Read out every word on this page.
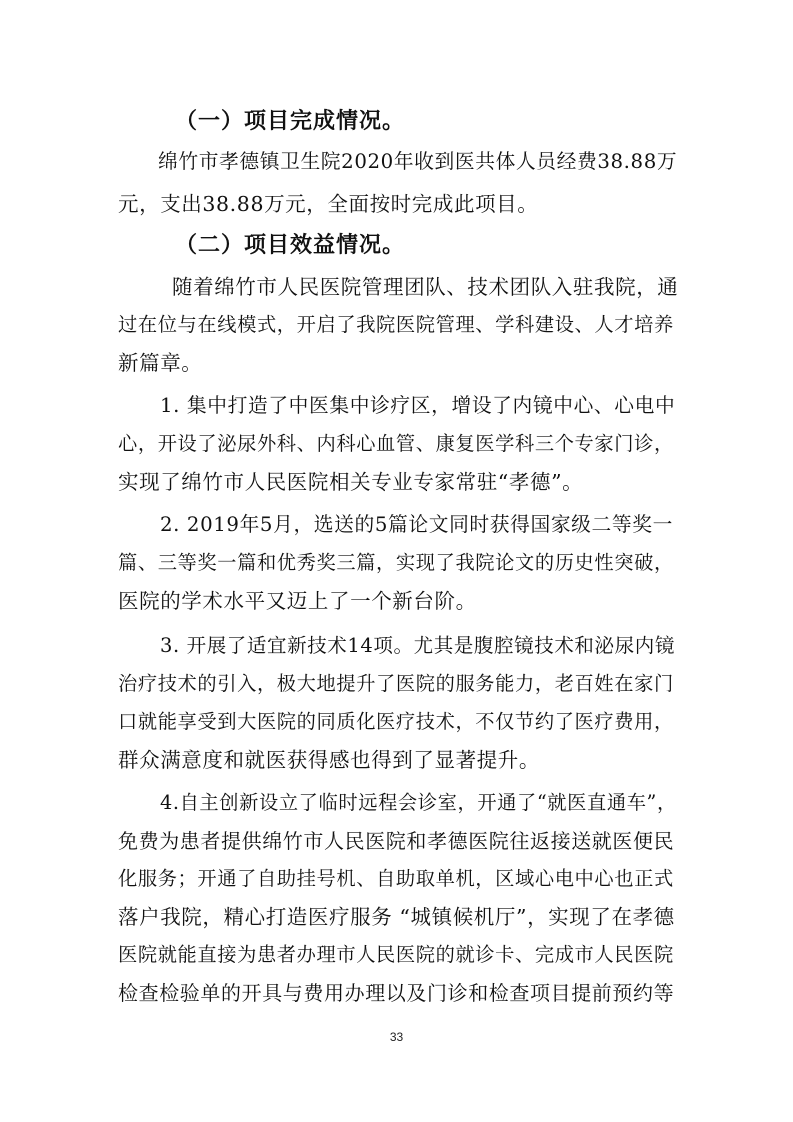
（一）项目完成情况。
绵竹市孝德镇卫生院2020年收到医共体人员经费38.88万
元，支出38.88万元，全面按时完成此项目。
（二）项目效益情况。
随着绵竹市人民医院管理团队、技术团队入驻我院，通
过在位与在线模式，开启了我院医院管理、学科建设、人才培养
新篇章。
1. 集中打造了中医集中诊疗区，增设了内镜中心、心电中
心，开设了泌尿外科、内科心血管、康复医学科三个专家门诊，
实现了绵竹市人民医院相关专业专家常驻“孝德”。
2. 2019年5月，选送的5篇论文同时获得国家级二等奖一
篇、三等奖一篇和优秀奖三篇，实现了我院论文的历史性突破，
医院的学术水平又迈上了一个新台阶。
3. 开展了适宜新技术14项。尤其是腹腔镜技术和泌尿内镜
治疗技术的引入，极大地提升了医院的服务能力，老百姓在家门
口就能享受到大医院的同质化医疗技术，不仅节约了医疗费用，
群众满意度和就医获得感也得到了显著提升。
4.自主创新设立了临时远程会诊室，开通了“就医直通车”，
免费为患者提供绵竹市人民医院和孝德医院往返接送就医便民
化服务；开通了自助挂号机、自助取单机，区域心电中心也正式
落户我院，精心打造医疗服务 “城镇候机厅”，实现了在孝德
医院就能直接为患者办理市人民医院的就诊卡、完成市人民医院
检查检验单的开具与费用办理以及门诊和检查项目提前预约等
33
